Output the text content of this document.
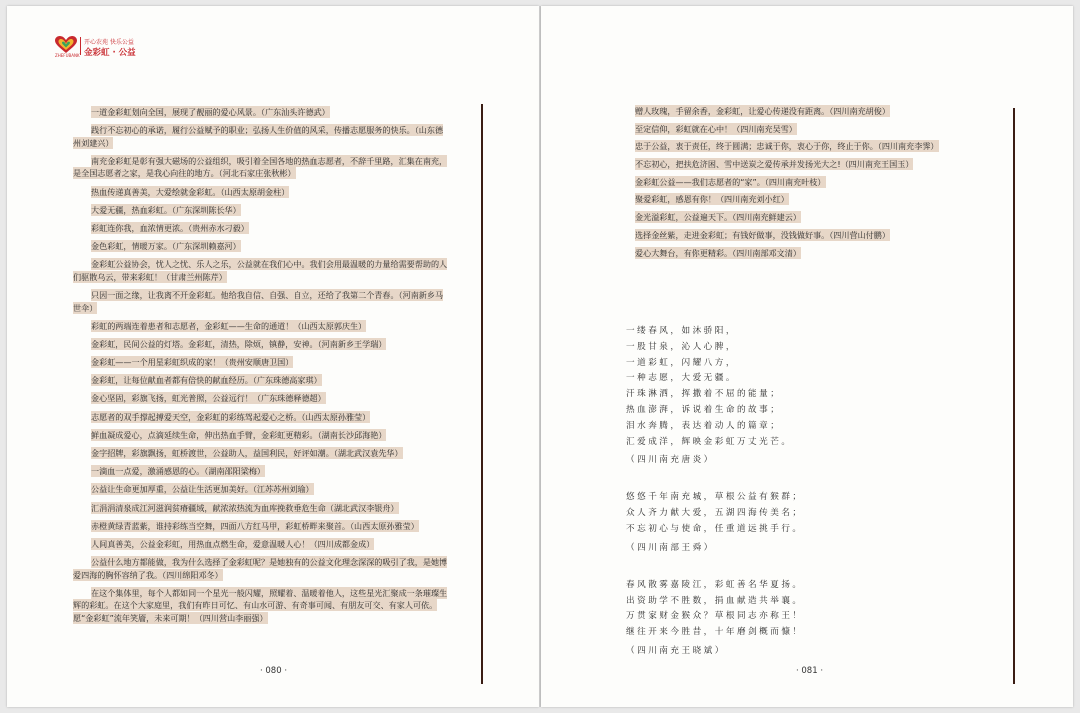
ZHEFUBANK
开心农苑 快乐公益
金彩虹 · 公益
一道金彩虹划向全国，展现了靓丽的爱心风景。（广东汕头许德武）
践行不忘初心的承诺，履行公益赋予的职业；弘扬人生价值的风采，传播志愿服务的快乐。（山东德州刘建兴）
南充金彩虹是彰有强大磁场的公益组织，吸引着全国各地的热血志愿者，不辞千里路，汇集在南充，是全国志愿者之家，是我心向往的地方。（河北石家庄张秋彬）
热血传递真善美，大爱绘就金彩虹。（山西太原胡金柱）
大爱无疆，热血彩虹。（广东深圳陈长华）
彩虹连你我，血浓情更浓。（贵州赤水刁毅）
金色彩虹，情暖万家。（广东深圳赖嘉河）
金彩虹公益协会，忧人之忧、乐人之乐，公益就在我们心中。我们会用最温暖的力量给需要帮助的人们驱散乌云，带来彩虹！（甘肃兰州陈芹）
只因一面之缘，让我离不开金彩虹。他给我自信、自强、自立，还给了我第二个青春。（河南新乡马世伞）
彩虹的两端连着患者和志愿者，金彩虹——生命的通道！（山西太原郭庆生）
金彩虹，民间公益的灯塔。金彩虹，清热，除烦，镇静，安神。（河南新乡王学瑞）
金彩虹——一个用星彩虹织成的家！（贵州安顺唐卫国）
金彩虹，让每位献血者都有倍快的献血经历。（广东珠德高家琪）
金心坚固，彩旗飞扬，虹光普照，公益远行！（广东珠德释德超）
志愿者的双手撑起搏爱天空，金彩虹的彩练驾起爱心之桥。（山西太原孙雅莹）
鲜血凝成爱心，点滴延续生命，伸出热血手臂，金彩虹更精彩。（湖南长沙邱海艳）
金字招牌，彩旗飘扬，虹桥渡世，公益助人，益国利民，好评如潮。（湖北武汉袁先华）
一滴血一点爱，激涌感恩的心。（湖南邵阳梁梅）
公益让生命更加厚重，公益让生活更加美好。（江苏苏州刘瑜）
汇涓涓清泉成江河滋润贫瘠疆域，献浓浓热流为血库挽救垂危生命（湖北武汉李银舟）
赤橙黄绿青蓝紫，谁持彩练当空舞，四面八方红马甲，彩虹桥畔来聚首。（山西太原孙雅莹）
人间真善美，公益金彩虹，用热血点燃生命，爱意温暖人心！（四川成都金成）
公益什么地方都能做，我为什么选择了金彩虹呢？是她独有的公益文化理念深深的吸引了我，是她博爱四海的胸怀容纳了我。（四川绵阳邓冬）
在这个集体里，每个人都如同一个星光一般闪耀，照耀着、温暖着他人，这些星光汇聚成一条璀璨生辉的彩虹。在这个大家庭里，我们有昨日可忆、有山水可游、有奇事可闻、有朋友可交、有家人可依。愿“金彩虹”流年笑靥，未来可期！（四川营山李丽强）
· 080 ·
赠人玫瑰，手留余香，金彩虹，让爱心传递没有距离。（四川南充胡俊）
至定信仰，彩虹就在心中！（四川南充吴雪）
忠于公益，衷于责任，终于圆满；忠诚于你，衷心于你，终止于你。（四川南充李霁）
不忘初心，把扶危济困、雪中送炭之爱传承并发扬光大之!（四川南充王国玉）
金彩虹公益——我们志愿者的“家”。（四川南充叶枝）
聚爱彩虹，感恩有你！（四川南充刘小红）
金光溢彩虹，公益遍天下。（四川南充鲜建云）
选择金丝紫，走进金彩虹；有钱好做事，没钱做好事。（四川营山付鹏）
爱心大舞台，有你更精彩。（四川南部邓文清）
一缕春风，如沐骄阳，
一股甘泉，沁人心脾，
一道彩虹，闪耀八方，
一种志愿，大爱无疆。
汗珠淋洒，挥撒着不屈的能量；
热血澎湃，诉说着生命的故事；
泪水奔腾，表达着动人的篇章；
汇爱成洋，辉映金彩虹万丈光芒。
（四川南充唐炎）
悠悠千年南充城，草根公益有猴群；
众人齐力献大爱，五湖四海传美名；
不忘初心与使命，任重道远挑手行。
（四川南部王舜）
春风散雾嘉陵江，彩虹善名华夏扬。
出资助学不胜数，捐血献造共举襄。
万贯家财金猴众？草根同志亦称王！
继往开来今胜昔，十年磨剑概而慷！
（四川南充王晓斌）
· 081 ·
